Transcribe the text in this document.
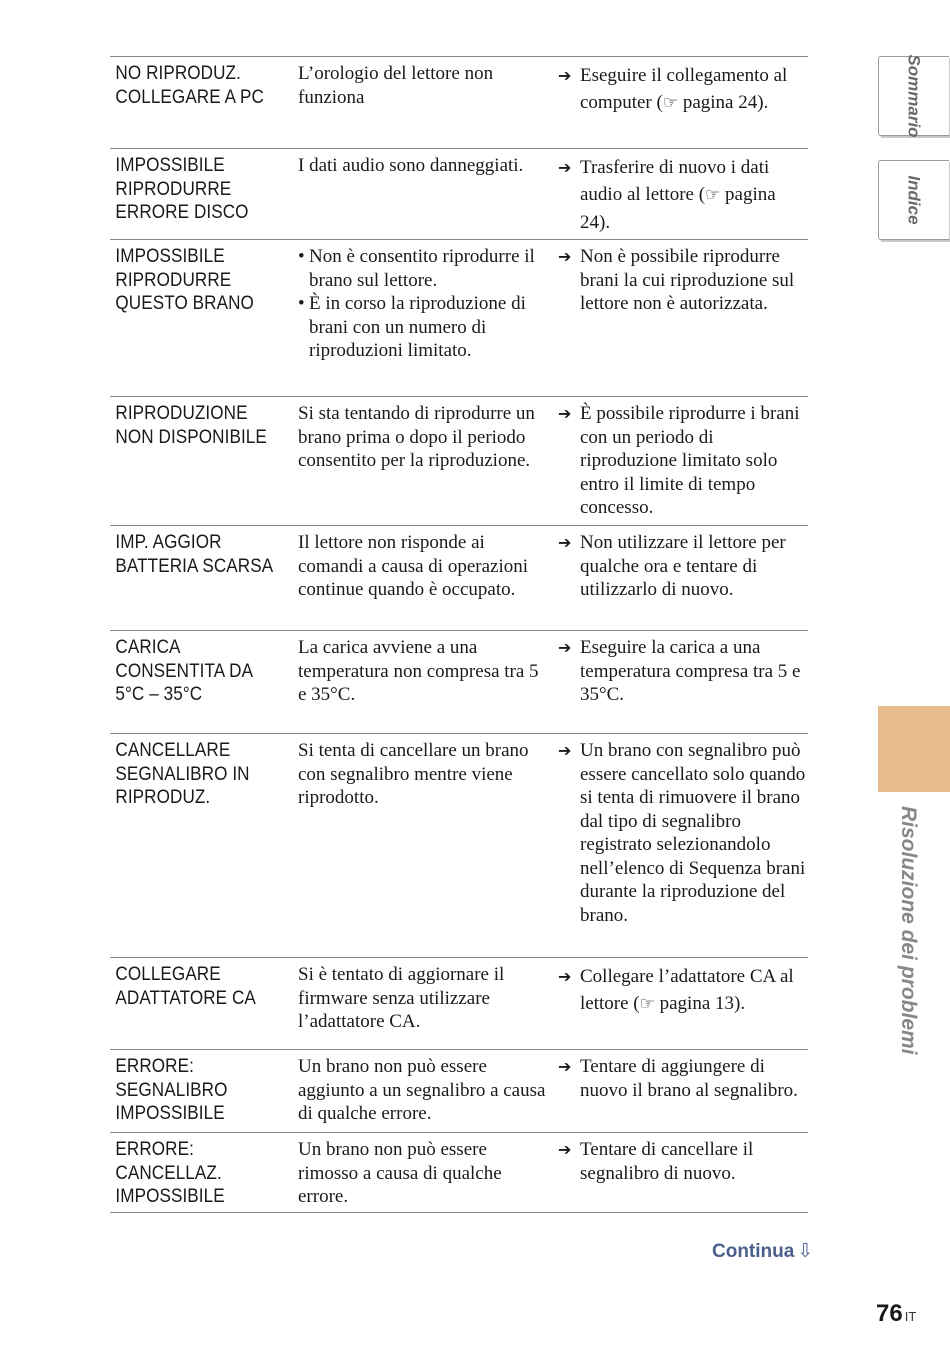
Sommario
Indice
Risoluzione dei problemi
NO RIPRODUZ.
COLLEGARE A PC
L’orologio del lettore non funziona
➔ Eseguire il collegamento al computer (☞ pagina 24).
IMPOSSIBILE
RIPRODURRE
ERRORE DISCO
I dati audio sono danneggiati.	➔ Trasferire di nuovo i dati audio al lettore (☞ pagina 24).
IMPOSSIBILE
RIPRODURRE
QUESTO BRANO
• Non è consentito riprodurre il brano sul lettore.
• È in corso la riproduzione di brani con un numero di riproduzioni limitato.
➔ Non è possibile riprodurre brani la cui riproduzione sul lettore non è autorizzata.
RIPRODUZIONE
NON DISPONIBILE
Si sta tentando di riprodurre un brano prima o dopo il periodo consentito per la riproduzione.
➔ È possibile riprodurre i brani con un periodo di riproduzione limitato solo entro il limite di tempo concesso.
IMP. AGGIOR
BATTERIA SCARSA
Il lettore non risponde ai comandi a causa di operazioni continue quando è occupato.
➔ Non utilizzare il lettore per qualche ora e tentare di utilizzarlo di nuovo.
CARICA
CONSENTITA DA
5°C – 35°C
La carica avviene a una temperatura non compresa tra 5 e 35°C.
➔ Eseguire la carica a una temperatura compresa tra 5 e 35°C.
CANCELLARE
SEGNALIBRO IN
RIPRODUZ.
Si tenta di cancellare un brano con segnalibro mentre viene riprodotto.
➔ Un brano con segnalibro può essere cancellato solo quando si tenta di rimuovere il brano dal tipo di segnalibro registrato selezionandolo nell’elenco di Sequenza brani durante la riproduzione del brano.
COLLEGARE
ADATTATORE CA
Si è tentato di aggiornare il firmware senza utilizzare l’adattatore CA.
➔ Collegare l’adattatore CA al lettore (☞ pagina 13).
ERRORE:
SEGNALIBRO
IMPOSSIBILE
Un brano non può essere aggiunto a un segnalibro a causa di qualche errore.
➔ Tentare di aggiungere di nuovo il brano al segnalibro.
ERRORE:
CANCELLAZ.
IMPOSSIBILE
Un brano non può essere rimosso a causa di qualche errore.
➔ Tentare di cancellare il segnalibro di nuovo.
Continua ⇩
76 IT
